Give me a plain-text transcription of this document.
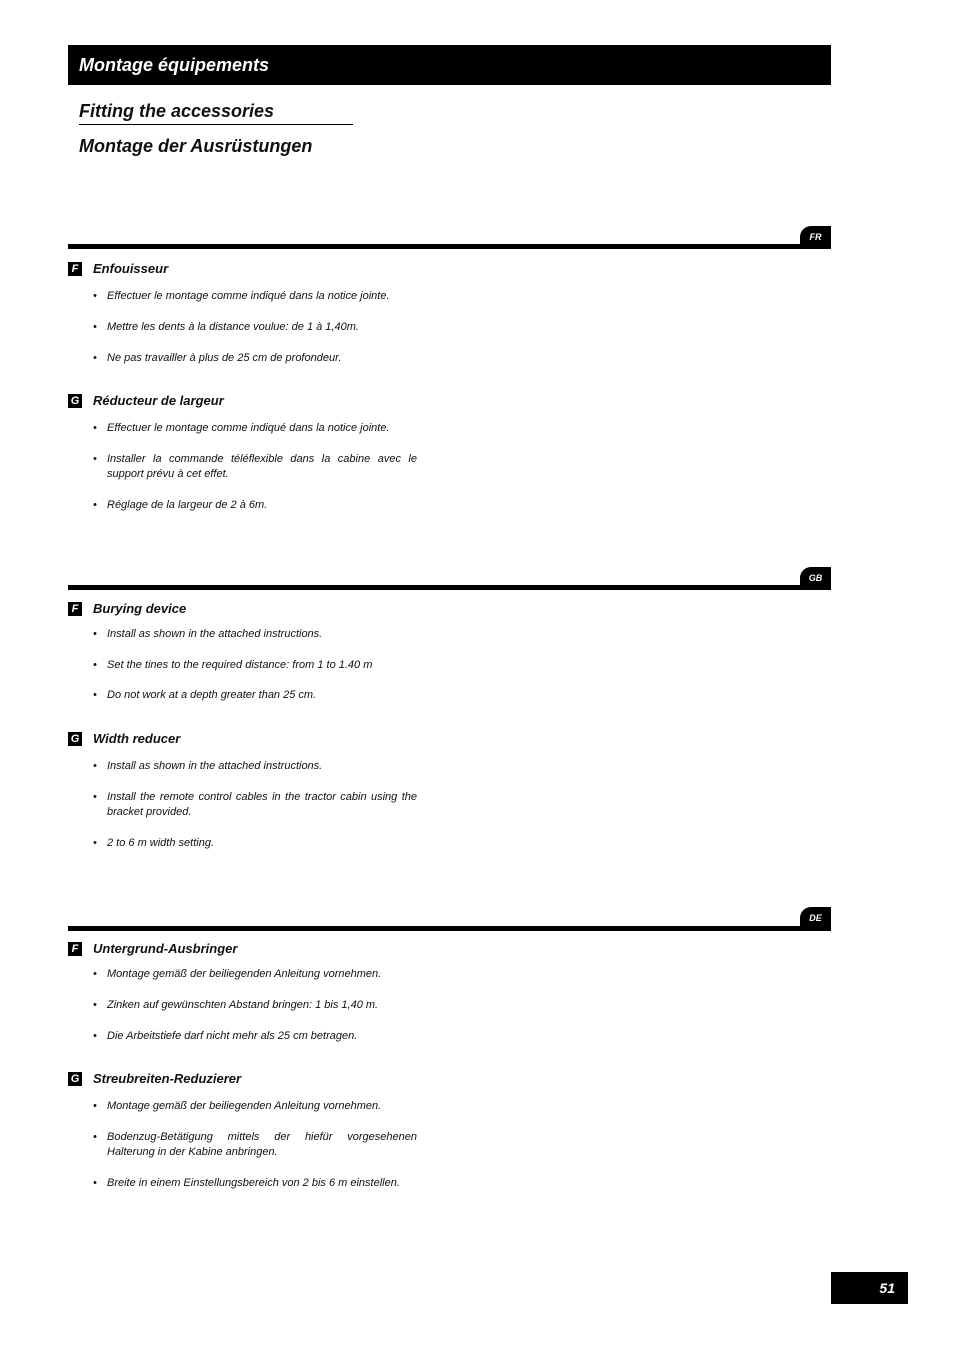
Montage équipements
Fitting the accessories
Montage der Ausrüstungen
FR
F Enfouisseur
• Effectuer le montage comme indiqué dans la notice jointe.
• Mettre les dents à la distance voulue: de 1 à 1,40m.
• Ne pas travailler à plus de 25 cm de profondeur.
G Réducteur de largeur
• Effectuer le montage comme indiqué dans la notice jointe.
• Installer la commande téléflexible dans la cabine avec le support prévu à cet effet.
• Réglage de la largeur de 2 à 6m.
GB
F Burying device
• Install as shown in the attached instructions.
• Set the tines to the required distance: from 1 to 1.40 m
• Do not work at a depth greater than 25 cm.
G Width reducer
• Install as shown in the attached instructions.
• Install the remote control cables in the tractor cabin using the bracket provided.
• 2 to 6 m width setting.
DE
F Untergrund-Ausbringer
• Montage gemäß der beiliegenden Anleitung vornehmen.
• Zinken auf gewünschten Abstand bringen: 1 bis 1,40 m.
• Die Arbeitstiefe darf nicht mehr als 25 cm betragen.
G Streubreiten-Reduzierer
• Montage gemäß der beiliegenden Anleitung vornehmen.
• Bodenzug-Betätigung mittels der hiefür vorgesehenen Halterung in der Kabine anbringen.
• Breite in einem Einstellungsbereich von 2 bis 6 m einstellen.
51
